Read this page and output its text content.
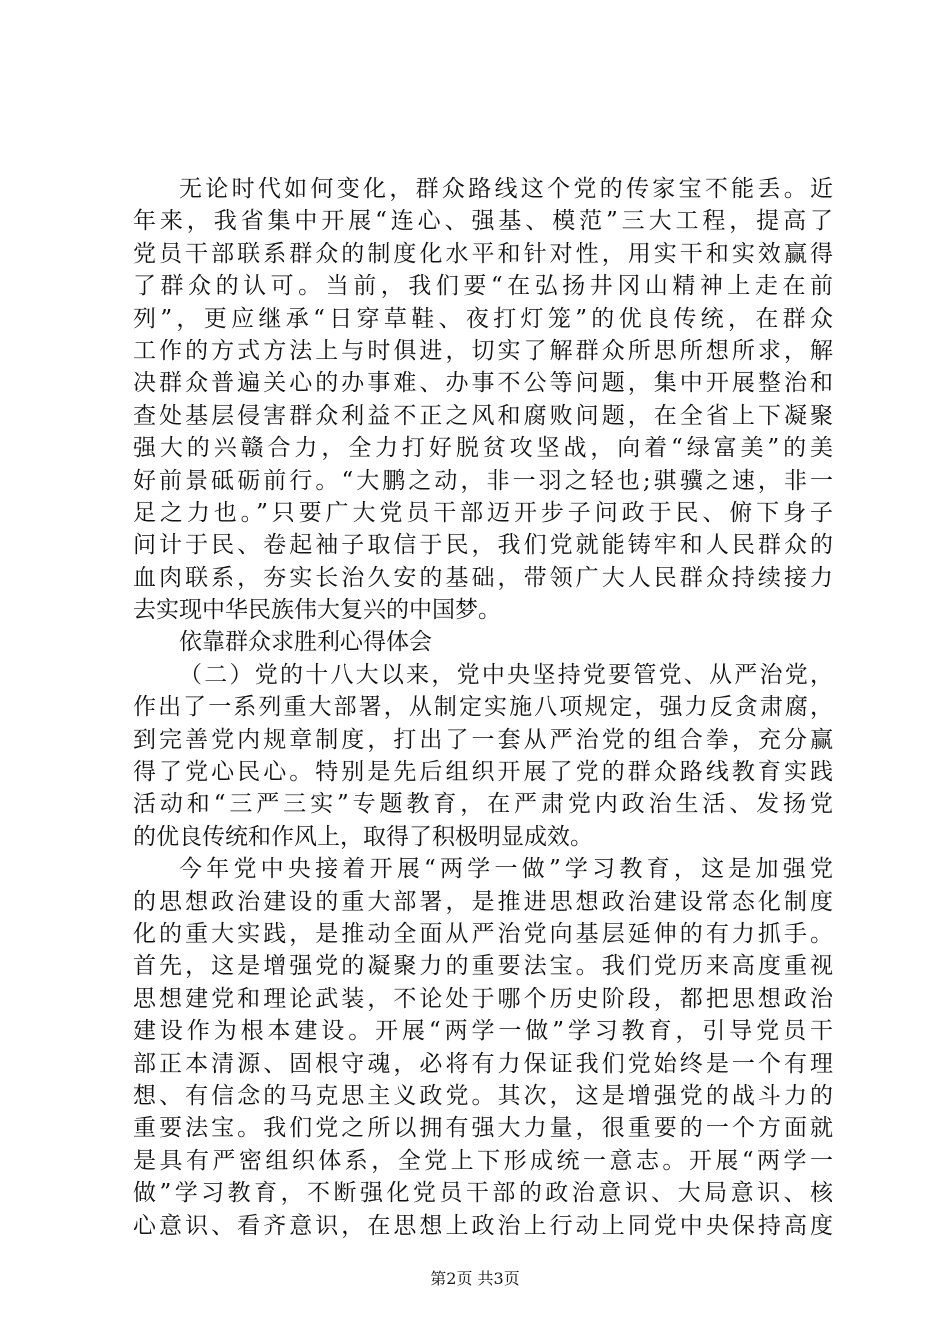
无论时代如何变化，群众路线这个党的传家宝不能丢。近
年来，我省集中开展“连心、强基、模范”三大工程，提高了
党员干部联系群众的制度化水平和针对性，用实干和实效赢得
了群众的认可。当前，我们要“在弘扬井冈山精神上走在前
列”，更应继承“日穿草鞋、夜打灯笼”的优良传统，在群众
工作的方式方法上与时俱进，切实了解群众所思所想所求，解
决群众普遍关心的办事难、办事不公等问题，集中开展整治和
查处基层侵害群众利益不正之风和腐败问题，在全省上下凝聚
强大的兴赣合力，全力打好脱贫攻坚战，向着“绿富美”的美
好前景砥砺前行。“大鹏之动，非一羽之轻也;骐骥之速，非一
足之力也。”只要广大党员干部迈开步子问政于民、俯下身子
问计于民、卷起袖子取信于民，我们党就能铸牢和人民群众的
血肉联系，夯实长治久安的基础，带领广大人民群众持续接力
去实现中华民族伟大复兴的中国梦。
依靠群众求胜利心得体会
（二）党的十八大以来，党中央坚持党要管党、从严治党，
作出了一系列重大部署，从制定实施八项规定，强力反贪肃腐，
到完善党内规章制度，打出了一套从严治党的组合拳，充分赢
得了党心民心。特别是先后组织开展了党的群众路线教育实践
活动和“三严三实”专题教育，在严肃党内政治生活、发扬党
的优良传统和作风上，取得了积极明显成效。
今年党中央接着开展“两学一做”学习教育，这是加强党
的思想政治建设的重大部署，是推进思想政治建设常态化制度
化的重大实践，是推动全面从严治党向基层延伸的有力抓手。
首先，这是增强党的凝聚力的重要法宝。我们党历来高度重视
思想建党和理论武装，不论处于哪个历史阶段，都把思想政治
建设作为根本建设。开展“两学一做”学习教育，引导党员干
部正本清源、固根守魂，必将有力保证我们党始终是一个有理
想、有信念的马克思主义政党。其次，这是增强党的战斗力的
重要法宝。我们党之所以拥有强大力量，很重要的一个方面就
是具有严密组织体系，全党上下形成统一意志。开展“两学一
做”学习教育，不断强化党员干部的政治意识、大局意识、核
心意识、看齐意识，在思想上政治上行动上同党中央保持高度
第2页 共3页
